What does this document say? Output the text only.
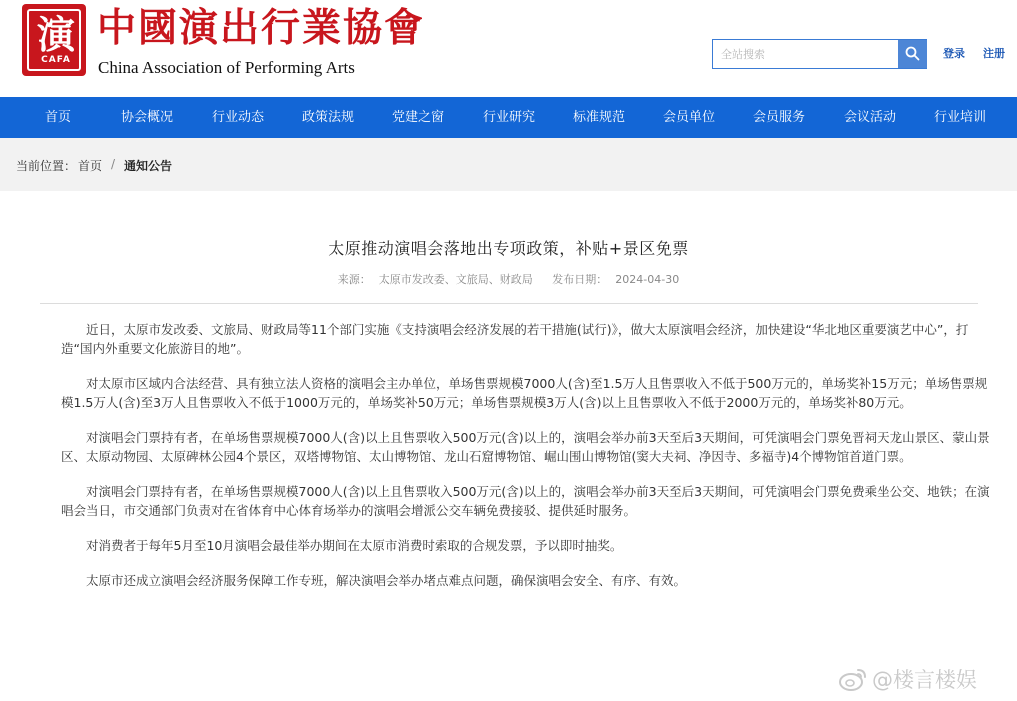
演
CAFA
中國演出行業協會
China Association of Performing Arts
全站搜索
登录 注册
首页	协会概况	行业动态	政策法规	党建之窗	行业研究	标准规范	会员单位	会员服务	会议活动	行业培训
当前位置： 首页 / 通知公告
太原推动演唱会落地出专项政策，补贴+景区免票
来源： 太原市发改委、文旅局、财政局 发布日期： 2024-04-30

近日，太原市发改委、文旅局、财政局等11个部门实施《支持演唱会经济发展的若干措施(试行)》，做大太原演唱会经济，加快建设“华北地区重要演艺中心”，打造“国内外重要文化旅游目的地”。

对太原市区域内合法经营、具有独立法人资格的演唱会主办单位，单场售票规模7000人(含)至1.5万人且售票收入不低于500万元的，单场奖补15万元；单场售票规模1.5万人(含)至3万人且售票收入不低于1000万元的，单场奖补50万元；单场售票规模3万人(含)以上且售票收入不低于2000万元的，单场奖补80万元。

对演唱会门票持有者，在单场售票规模7000人(含)以上且售票收入500万元(含)以上的，演唱会举办前3天至后3天期间，可凭演唱会门票免晋祠天龙山景区、蒙山景区、太原动物园、太原碑林公园4个景区，双塔博物馆、太山博物馆、龙山石窟博物馆、崛山围山博物馆(窦大夫祠、净因寺、多福寺)4个博物馆首道门票。

对演唱会门票持有者，在单场售票规模7000人(含)以上且售票收入500万元(含)以上的，演唱会举办前3天至后3天期间，可凭演唱会门票免费乘坐公交、地铁；在演唱会当日，市交通部门负责对在省体育中心体育场举办的演唱会增派公交车辆免费接驳、提供延时服务。

对消费者于每年5月至10月演唱会最佳举办期间在太原市消费时索取的合规发票，予以即时抽奖。

太原市还成立演唱会经济服务保障工作专班，解决演唱会举办堵点难点问题，确保演唱会安全、有序、有效。

@楼言楼娱
